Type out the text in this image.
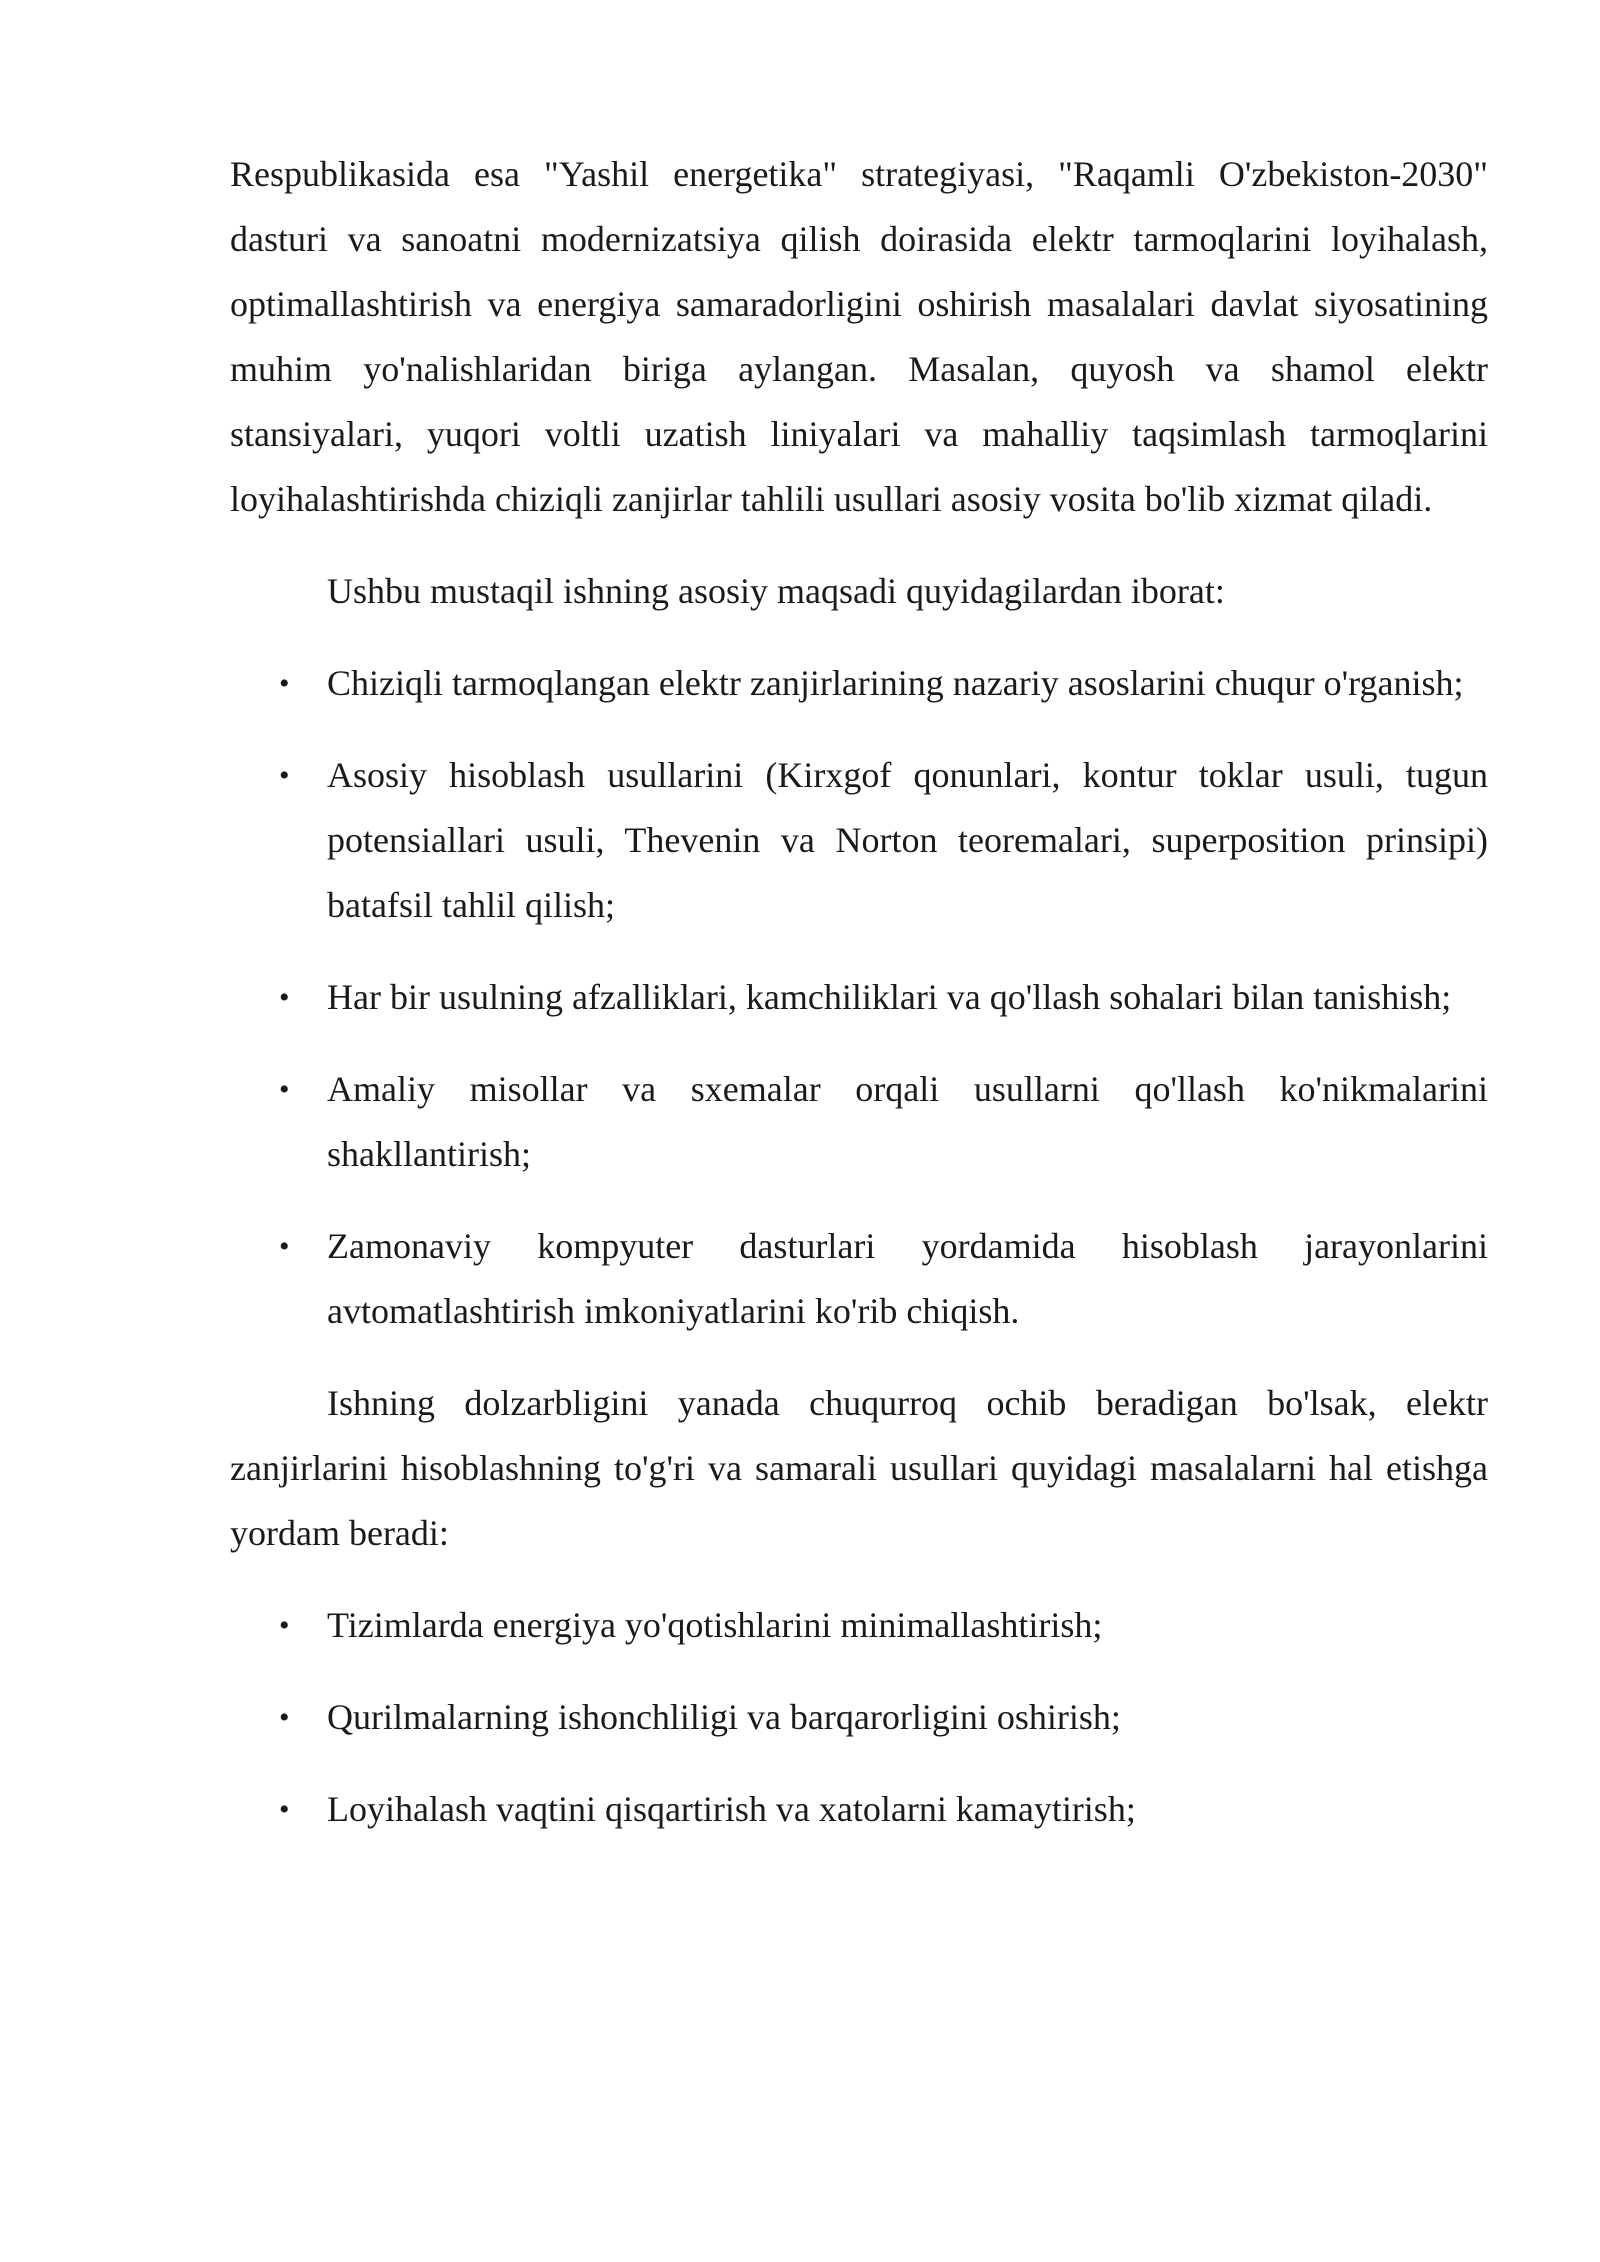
Respublikasida esa "Yashil energetika" strategiyasi, "Raqamli O'zbekiston-2030" dasturi va sanoatni modernizatsiya qilish doirasida elektr tarmoqlarini loyihalash, optimallashtirish va energiya samaradorligini oshirish masalalari davlat siyosatining muhim yo'nalishlaridan biriga aylangan. Masalan, quyosh va shamol elektr stansiyalari, yuqori voltli uzatish liniyalari va mahalliy taqsimlash tarmoqlarini loyihalashtirishda chiziqli zanjirlar tahlili usullari asosiy vosita bo'lib xizmat qiladi.

Ushbu mustaqil ishning asosiy maqsadi quyidagilardan iborat:

• Chiziqli tarmoqlangan elektr zanjirlarining nazariy asoslarini chuqur o'rganish;
• Asosiy hisoblash usullarini (Kirxgof qonunlari, kontur toklar usuli, tugun potensiallari usuli, Thevenin va Norton teoremalari, superposition prinsipi) batafsil tahlil qilish;
• Har bir usulning afzalliklari, kamchiliklari va qo'llash sohalari bilan tanishish;
• Amaliy misollar va sxemalar orqali usullarni qo'llash ko'nikmalarini shakllantirish;
• Zamonaviy kompyuter dasturlari yordamida hisoblash jarayonlarini avtomatlashtirish imkoniyatlarini ko'rib chiqish.

Ishning dolzarbligini yanada chuqurroq ochib beradigan bo'lsak, elektr zanjirlarini hisoblashning to'g'ri va samarali usullari quyidagi masalalarni hal etishga yordam beradi:

• Tizimlarda energiya yo'qotishlarini minimallashtirish;
• Qurilmalarning ishonchliligi va barqarorligini oshirish;
• Loyihalash vaqtini qisqartirish va xatolarni kamaytirish;
